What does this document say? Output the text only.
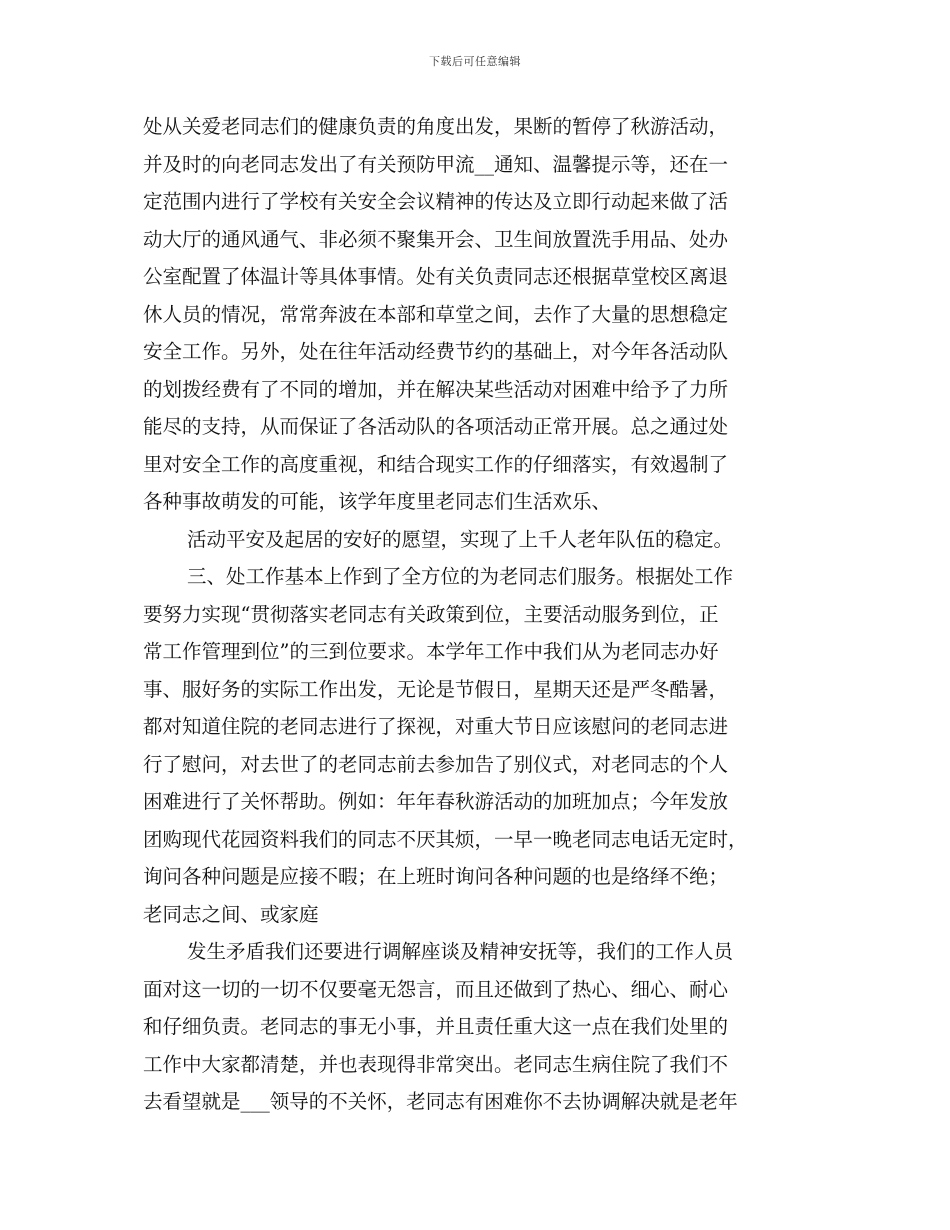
下载后可任意编辑
处从关爱老同志们的健康负责的角度出发，果断的暂停了秋游活动，
并及时的向老同志发出了有关预防甲流__通知、温馨提示等，还在一
定范围内进行了学校有关安全会议精神的传达及立即行动起来做了活
动大厅的通风通气、非必须不聚集开会、卫生间放置洗手用品、处办
公室配置了体温计等具体事情。处有关负责同志还根据草堂校区离退
休人员的情况，常常奔波在本部和草堂之间，去作了大量的思想稳定
安全工作。另外，处在往年活动经费节约的基础上，对今年各活动队
的划拨经费有了不同的增加，并在解决某些活动对困难中给予了力所
能尽的支持，从而保证了各活动队的各项活动正常开展。总之通过处
里对安全工作的高度重视，和结合现实工作的仔细落实，有效遏制了
各种事故萌发的可能，该学年度里老同志们生活欢乐、
活动平安及起居的安好的愿望，实现了上千人老年队伍的稳定。
三、处工作基本上作到了全方位的为老同志们服务。根据处工作
要努力实现“贯彻落实老同志有关政策到位，主要活动服务到位，正
常工作管理到位”的三到位要求。本学年工作中我们从为老同志办好
事、服好务的实际工作出发，无论是节假日，星期天还是严冬酷暑，
都对知道住院的老同志进行了探视，对重大节日应该慰问的老同志进
行了慰问，对去世了的老同志前去参加告了别仪式，对老同志的个人
困难进行了关怀帮助。例如：年年春秋游活动的加班加点；今年发放
团购现代花园资料我们的同志不厌其烦，一早一晚老同志电话无定时，
询问各种问题是应接不暇；在上班时询问各种问题的也是络绎不绝；
老同志之间、或家庭
发生矛盾我们还要进行调解座谈及精神安抚等，我们的工作人员
面对这一切的一切不仅要毫无怨言，而且还做到了热心、细心、耐心
和仔细负责。老同志的事无小事，并且责任重大这一点在我们处里的
工作中大家都清楚，并也表现得非常突出。老同志生病住院了我们不
去看望就是___领导的不关怀，老同志有困难你不去协调解决就是老年
